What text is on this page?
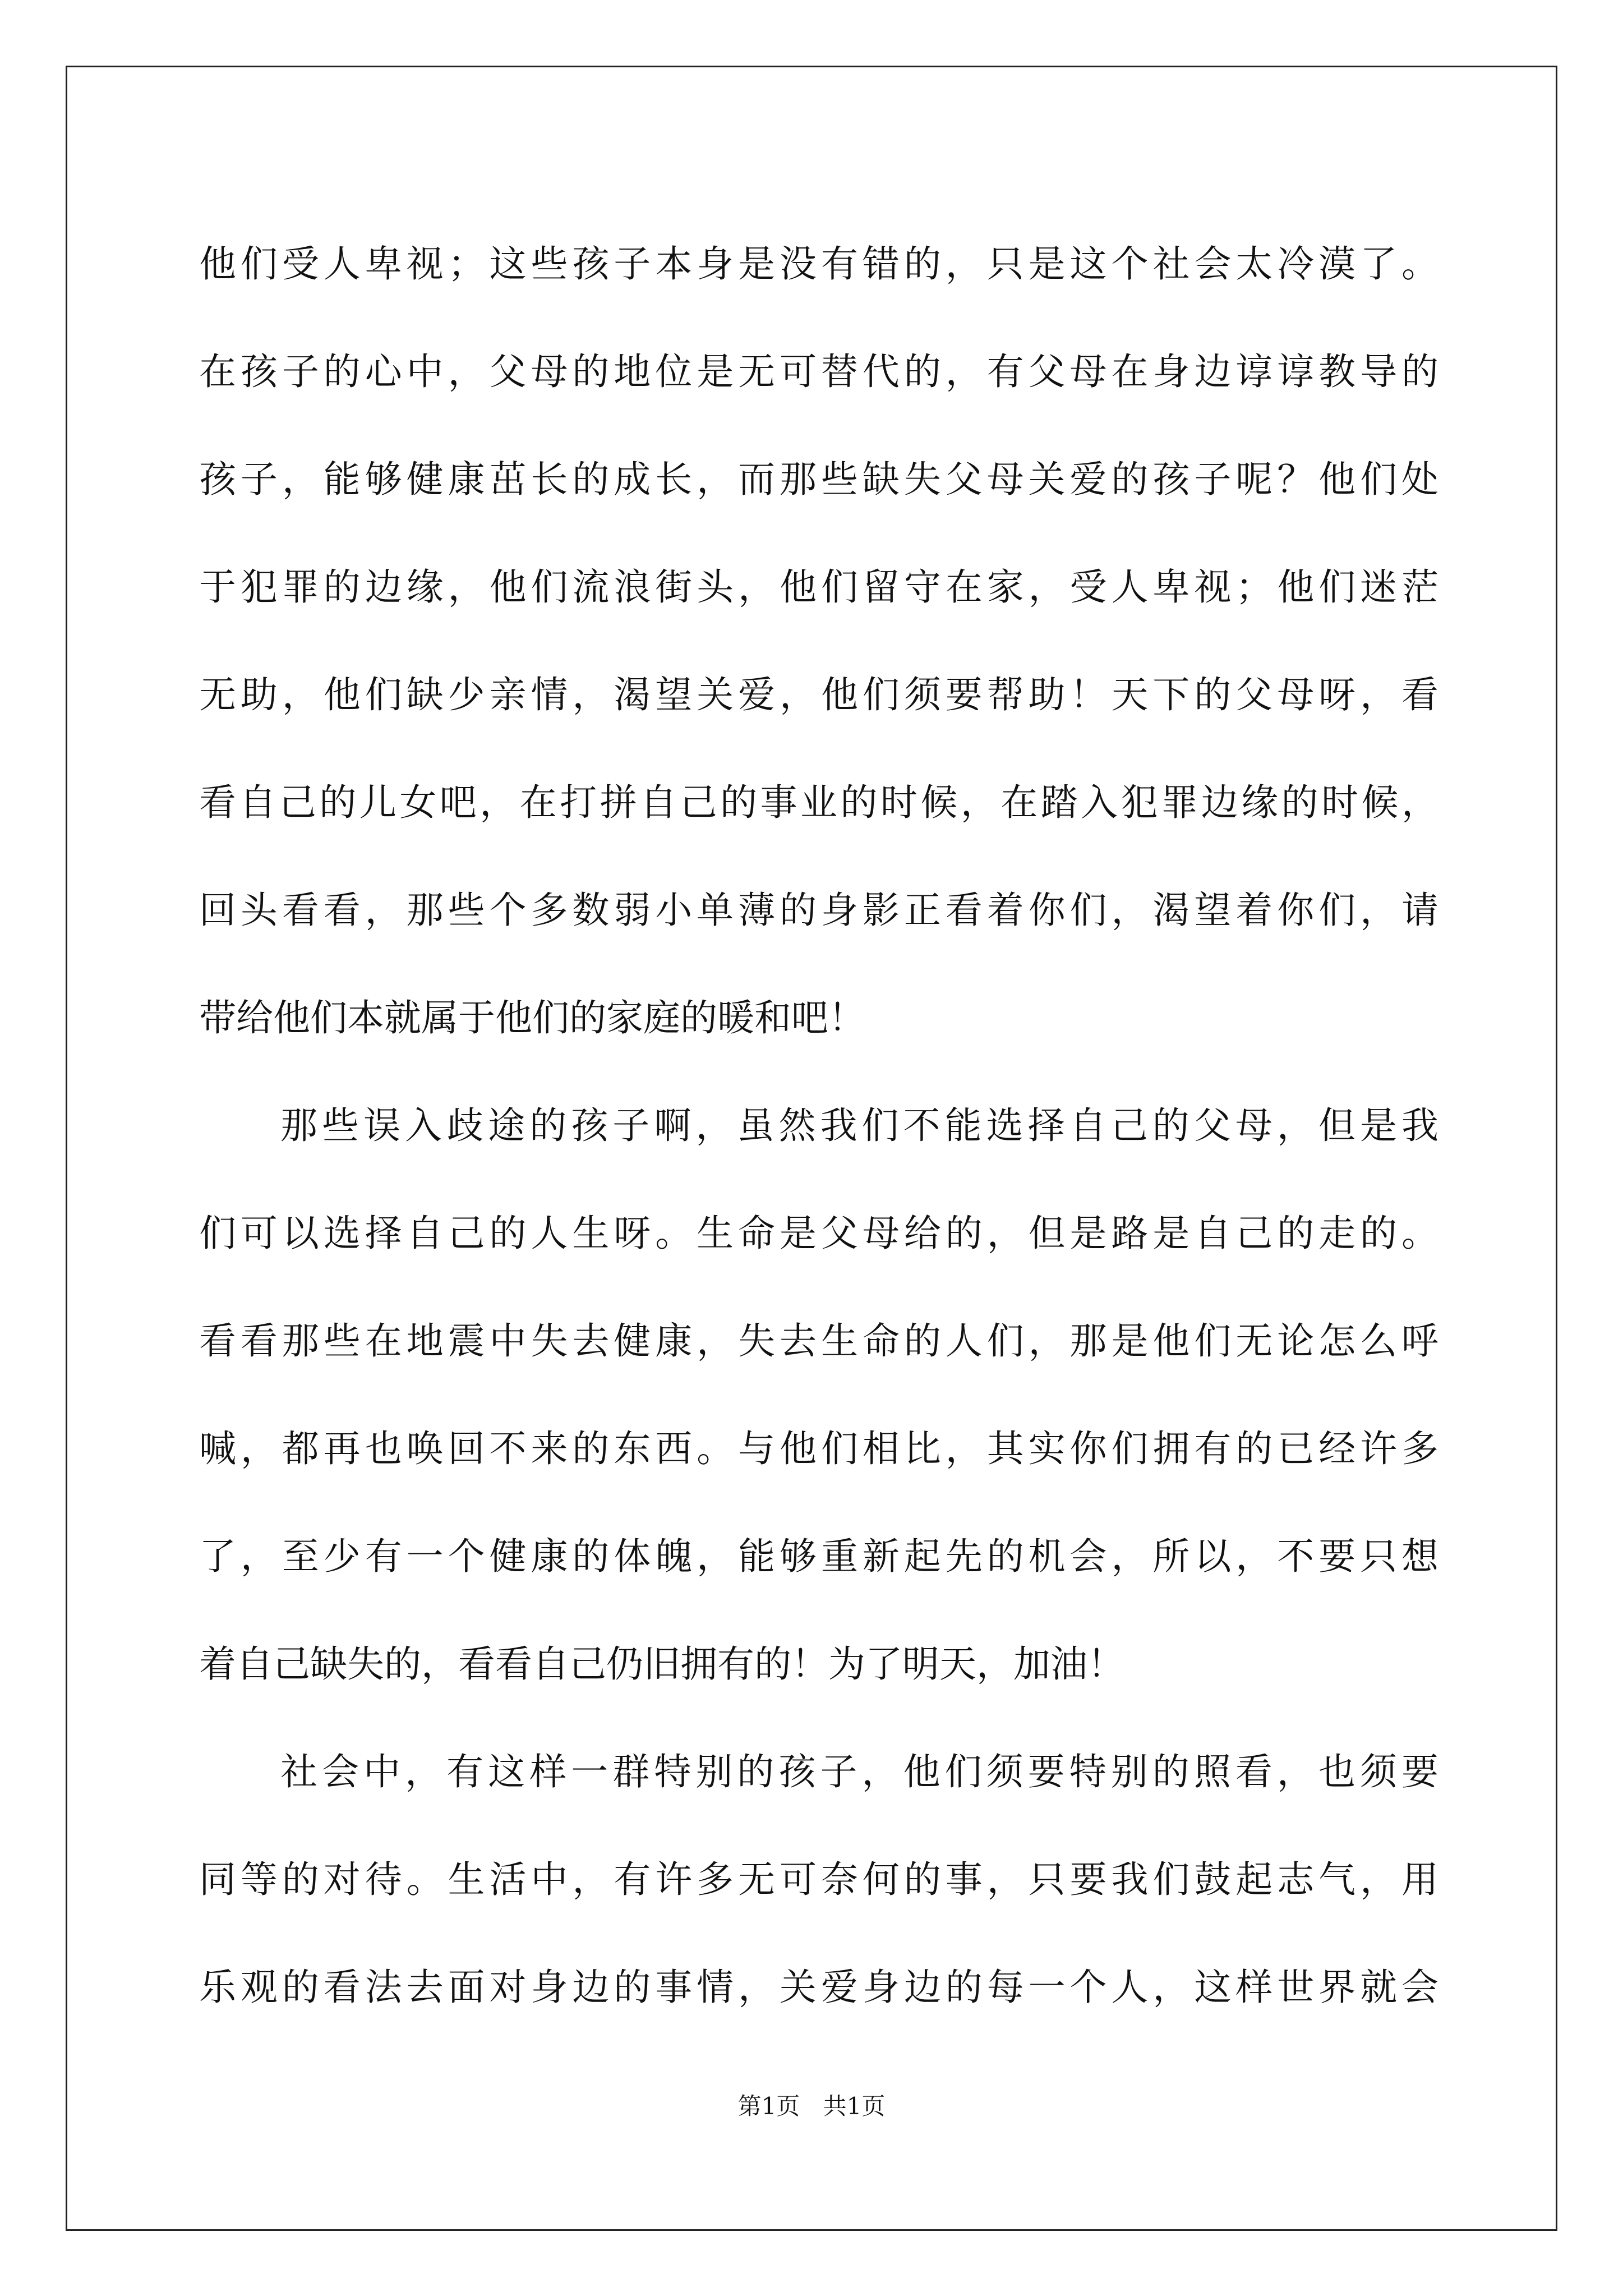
他们受人卑视；这些孩子本身是没有错的，只是这个社会太冷漠了。
在孩子的心中，父母的地位是无可替代的，有父母在身边谆谆教导的
孩子，能够健康茁长的成长，而那些缺失父母关爱的孩子呢？他们处
于犯罪的边缘，他们流浪街头，他们留守在家，受人卑视；他们迷茫
无助，他们缺少亲情，渴望关爱，他们须要帮助！天下的父母呀，看
看自己的儿女吧，在打拼自己的事业的时候，在踏入犯罪边缘的时候，
回头看看，那些个多数弱小单薄的身影正看着你们，渴望着你们，请
带给他们本就属于他们的家庭的暖和吧！
那些误入歧途的孩子啊，虽然我们不能选择自己的父母，但是我
们可以选择自己的人生呀。生命是父母给的，但是路是自己的走的。
看看那些在地震中失去健康，失去生命的人们，那是他们无论怎么呼
喊，都再也唤回不来的东西。与他们相比，其实你们拥有的已经许多
了，至少有一个健康的体魄，能够重新起先的机会，所以，不要只想
着自己缺失的，看看自己仍旧拥有的！为了明天，加油！
社会中，有这样一群特别的孩子，他们须要特别的照看，也须要
同等的对待。生活中，有许多无可奈何的事，只要我们鼓起志气，用
乐观的看法去面对身边的事情，关爱身边的每一个人，这样世界就会
第1页 共1页
